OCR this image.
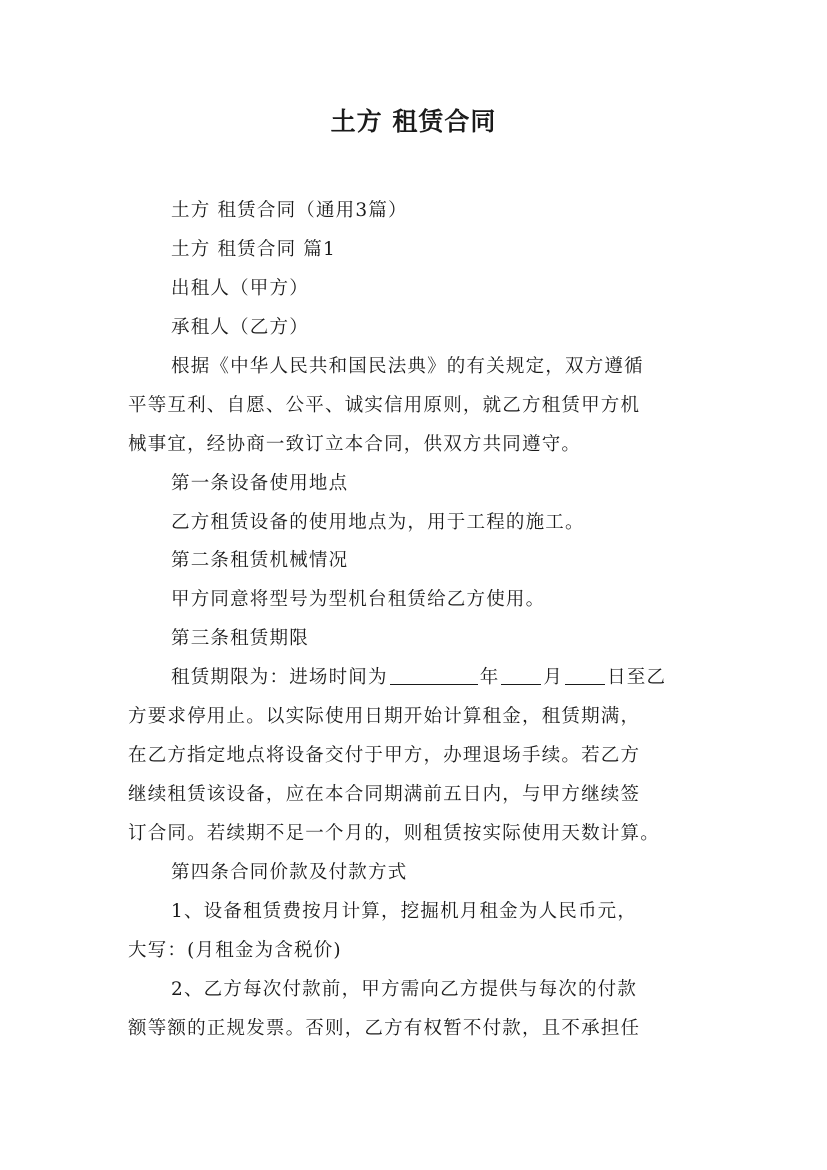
土方 租赁合同
土方 租赁合同（通用3篇）
土方 租赁合同 篇1
出租人（甲方）
承租人（乙方）
根据《中华人民共和国民法典》的有关规定，双方遵循
平等互利、自愿、公平、诚实信用原则，就乙方租赁甲方机
械事宜，经协商一致订立本合同，供双方共同遵守。
第一条设备使用地点
乙方租赁设备的使用地点为，用于工程的施工。
第二条租赁机械情况
甲方同意将型号为型机台租赁给乙方使用。
第三条租赁期限
租赁期限为：进场时间为	年 月 日至乙
方要求停用止。以实际使用日期开始计算租金，租赁期满，
在乙方指定地点将设备交付于甲方，办理退场手续。若乙方
继续租赁该设备，应在本合同期满前五日内，与甲方继续签
订合同。若续期不足一个月的，则租赁按实际使用天数计算。
第四条合同价款及付款方式
1、设备租赁费按月计算，挖掘机月租金为人民币元，
大写：(月租金为含税价)
2、乙方每次付款前，甲方需向乙方提供与每次的付款
额等额的正规发票。否则，乙方有权暂不付款，且不承担任
